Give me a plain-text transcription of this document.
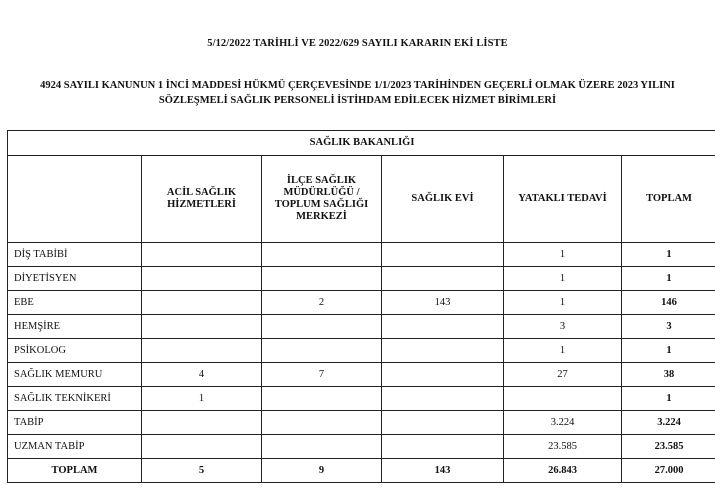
5/12/2022 TARİHLİ VE 2022/629 SAYILI KARARIN EKİ LİSTE
4924 SAYILI KANUNUN 1 İNCİ MADDESİ HÜKMÜ ÇERÇEVESİNDE 1/1/2023 TARİHİNDEN GEÇERLİ OLMAK ÜZERE 2023 YILINI
SÖZLEŞMELİ SAĞLIK PERSONELİ İSTİHDAM EDİLECEK HİZMET BİRİMLERİ
SAĞLIK BAKANLIĞI					
	ACİL SAĞLIK HİZMETLERİ	İLÇE SAĞLIK MÜDÜRLÜĞÜ / TOPLUM SAĞLIĞI MERKEZİ	SAĞLIK EVİ	YATAKLI TEDAVİ	TOPLAM
DİŞ TABİBİ				1	1
DİYETİSYEN				1	1
EBE		2	143	1	146
HEMŞİRE				3	3
PSİKOLOG				1	1
SAĞLIK MEMURU	4	7		27	38
SAĞLIK TEKNİKERİ	1				1
TABİP				3.224	3.224
UZMAN TABİP				23.585	23.585
TOPLAM	5	9	143	26.843	27.000
